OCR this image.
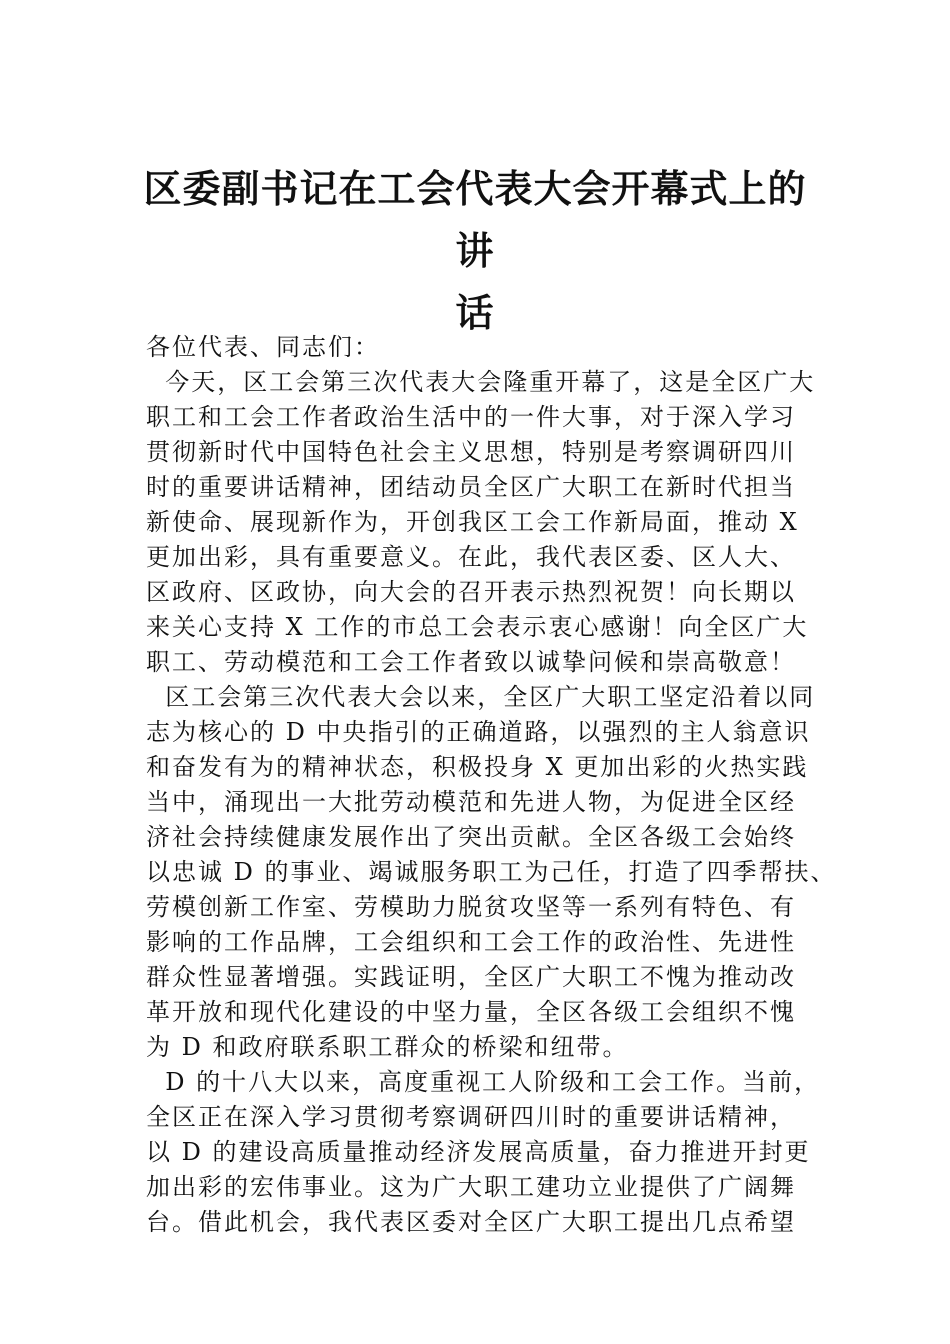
区委副书记在工会代表大会开幕式上的讲
话
各位代表、同志们：
今天，区工会第三次代表大会隆重开幕了，这是全区广大
职工和工会工作者政治生活中的一件大事，对于深入学习
贯彻新时代中国特色社会主义思想，特别是考察调研四川
时的重要讲话精神，团结动员全区广大职工在新时代担当
新使命、展现新作为，开创我区工会工作新局面，推动 X
更加出彩，具有重要意义。在此，我代表区委、区人大、
区政府、区政协，向大会的召开表示热烈祝贺！向长期以
来关心支持 X 工作的市总工会表示衷心感谢！向全区广大
职工、劳动模范和工会工作者致以诚挚问候和崇高敬意！
区工会第三次代表大会以来，全区广大职工坚定沿着以同
志为核心的 D 中央指引的正确道路，以强烈的主人翁意识
和奋发有为的精神状态，积极投身 X 更加出彩的火热实践
当中，涌现出一大批劳动模范和先进人物，为促进全区经
济社会持续健康发展作出了突出贡献。全区各级工会始终
以忠诚 D 的事业、竭诚服务职工为己任，打造了四季帮扶、
劳模创新工作室、劳模助力脱贫攻坚等一系列有特色、有
影响的工作品牌，工会组织和工会工作的政治性、先进性
群众性显著增强。实践证明，全区广大职工不愧为推动改
革开放和现代化建设的中坚力量，全区各级工会组织不愧
为 D 和政府联系职工群众的桥梁和纽带。
D 的十八大以来，高度重视工人阶级和工会工作。当前，
全区正在深入学习贯彻考察调研四川时的重要讲话精神，
以 D 的建设高质量推动经济发展高质量，奋力推进开封更
加出彩的宏伟事业。这为广大职工建功立业提供了广阔舞
台。借此机会，我代表区委对全区广大职工提出几点希望
